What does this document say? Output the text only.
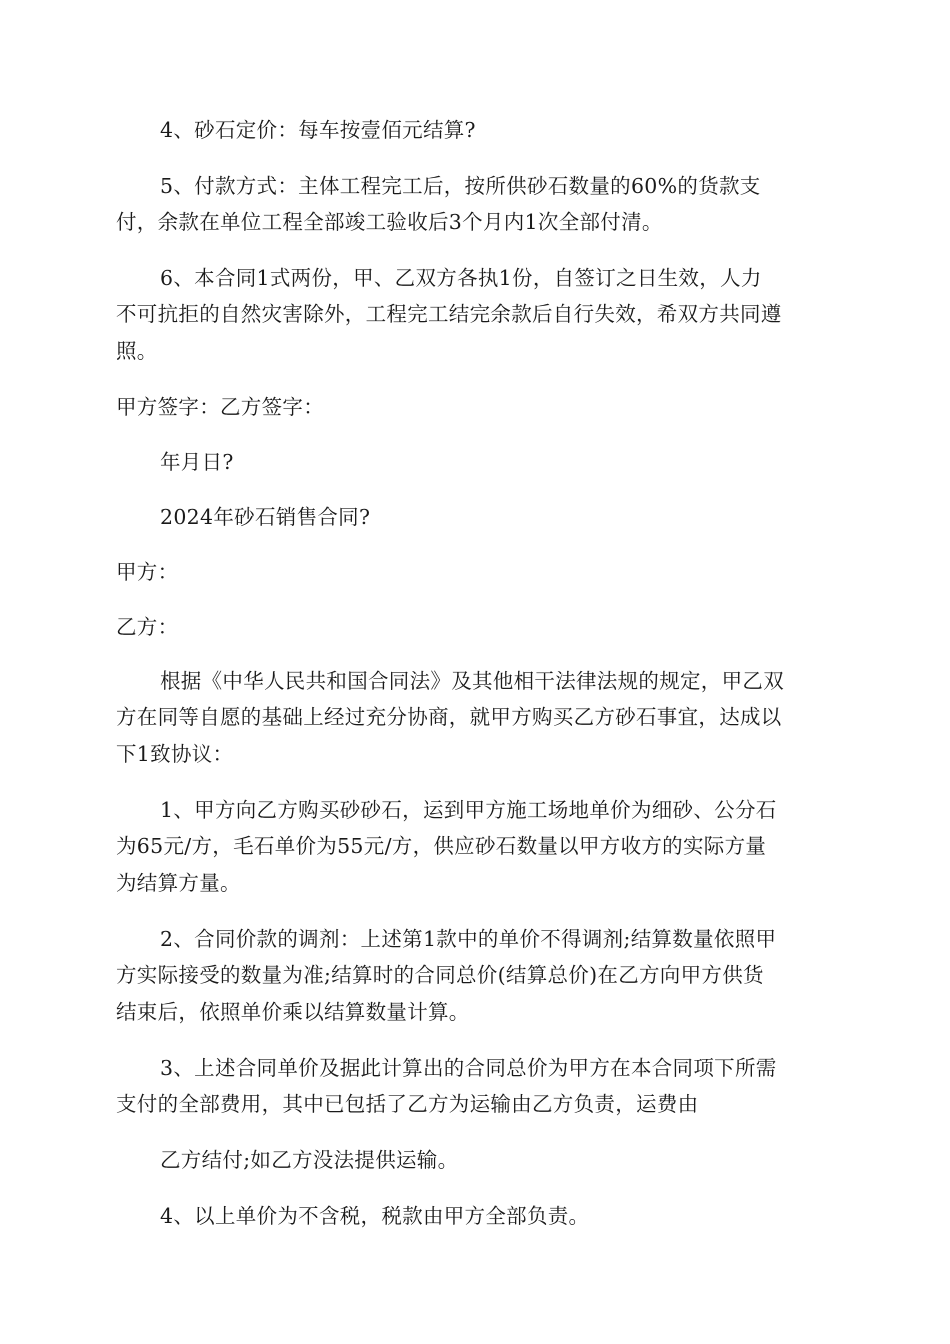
4、砂石定价：每车按壹佰元结算?
5、付款方式：主体工程完工后，按所供砂石数量的60%的货款支
付，余款在单位工程全部竣工验收后3个月内1次全部付清。
6、本合同1式两份，甲、乙双方各执1份，自签订之日生效，人力
不可抗拒的自然灾害除外，工程完工结完余款后自行失效，希双方共同遵
照。
甲方签字：乙方签字：
年月日?
2024年砂石销售合同?
甲方：
乙方：
根据《中华人民共和国合同法》及其他相干法律法规的规定，甲乙双
方在同等自愿的基础上经过充分协商，就甲方购买乙方砂石事宜，达成以
下1致协议：
1、甲方向乙方购买砂砂石，运到甲方施工场地单价为细砂、公分石
为65元/方，毛石单价为55元/方，供应砂石数量以甲方收方的实际方量
为结算方量。
2、合同价款的调剂：上述第1款中的单价不得调剂;结算数量依照甲
方实际接受的数量为准;结算时的合同总价(结算总价)在乙方向甲方供货
结束后，依照单价乘以结算数量计算。
3、上述合同单价及据此计算出的合同总价为甲方在本合同项下所需
支付的全部费用，其中已包括了乙方为运输由乙方负责，运费由
乙方结付;如乙方没法提供运输。
4、以上单价为不含税，税款由甲方全部负责。
